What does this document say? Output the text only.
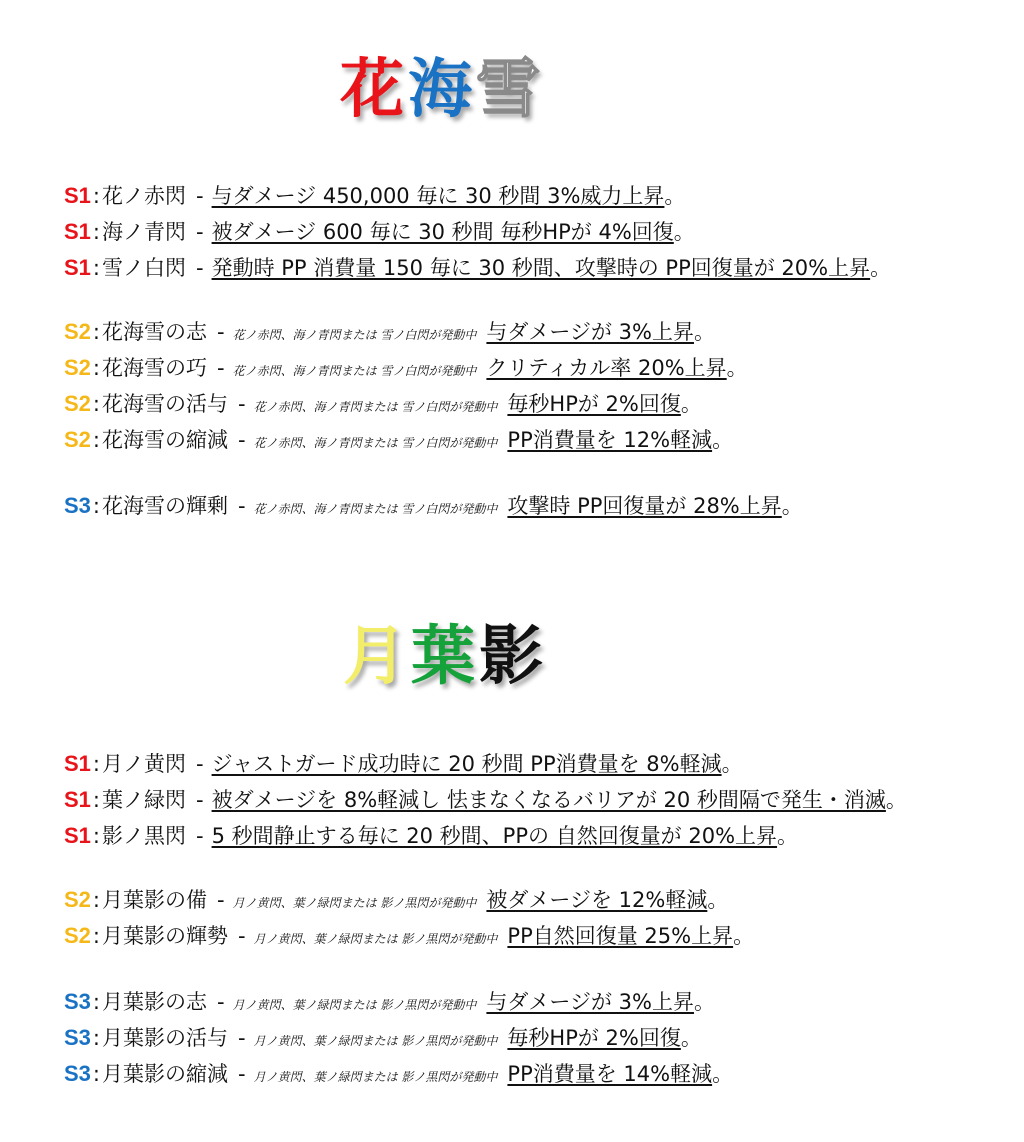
花 海 雪
S1 : 花ノ赤閃 - 与ダメージ 450,000 毎に 30 秒間 3%威力上昇 。
S1 : 海ノ青閃 - 被ダメージ 600 毎に 30 秒間 毎秒HPが 4%回復 。
S1 : 雪ノ白閃 - 発動時 PP 消費量 150 毎に 30 秒間、攻撃時の PP回復量が 20%上昇 。
S2 : 花海雪の志 - 花ノ赤閃、海ノ青閃または 雪ノ白閃が発動中 与ダメージが 3%上昇 。
S2 : 花海雪の巧 - 花ノ赤閃、海ノ青閃または 雪ノ白閃が発動中 クリティカル率 20%上昇 。
S2 : 花海雪の活与 - 花ノ赤閃、海ノ青閃または 雪ノ白閃が発動中 毎秒HPが 2%回復 。
S2 : 花海雪の縮減 - 花ノ赤閃、海ノ青閃または 雪ノ白閃が発動中 PP消費量を 12%軽減 。
S3 : 花海雪の輝剰 - 花ノ赤閃、海ノ青閃または 雪ノ白閃が発動中 攻撃時 PP回復量が 28%上昇 。
月 葉 影
S1 : 月ノ黄閃 - ジャストガード成功時に 20 秒間 PP消費量を 8%軽減 。
S1 : 葉ノ緑閃 - 被ダメージを 8%軽減し 怯まなくなるバリアが 20 秒間隔で発生・消滅 。
S1 : 影ノ黒閃 - 5 秒間静止する毎に 20 秒間、PPの 自然回復量が 20%上昇 。
S2 : 月葉影の備 - 月ノ黄閃、葉ノ緑閃または 影ノ黒閃が発動中 被ダメージを 12%軽減 。
S2 : 月葉影の輝勢 - 月ノ黄閃、葉ノ緑閃または 影ノ黒閃が発動中 PP自然回復量 25%上昇 。
S3 : 月葉影の志 - 月ノ黄閃、葉ノ緑閃または 影ノ黒閃が発動中 与ダメージが 3%上昇 。
S3 : 月葉影の活与 - 月ノ黄閃、葉ノ緑閃または 影ノ黒閃が発動中 毎秒HPが 2%回復 。
S3 : 月葉影の縮減 - 月ノ黄閃、葉ノ緑閃または 影ノ黒閃が発動中 PP消費量を 14%軽減 。
